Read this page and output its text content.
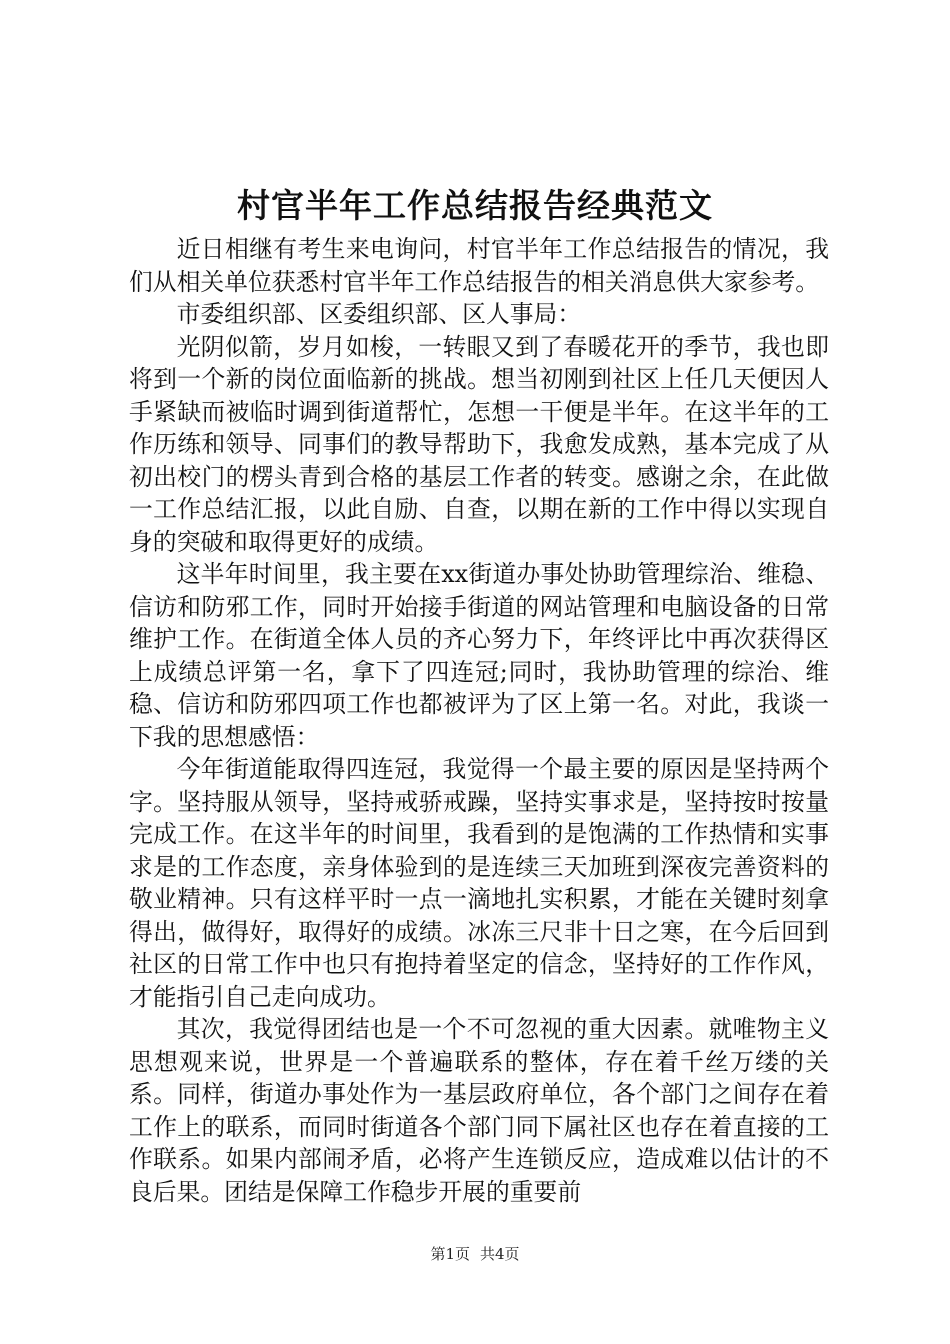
村官半年工作总结报告经典范文

近日相继有考生来电询问，村官半年工作总结报告的情况，我们从相关单位获悉村官半年工作总结报告的相关消息供大家参考。

市委组织部、区委组织部、区人事局：

光阴似箭，岁月如梭，一转眼又到了春暖花开的季节，我也即将到一个新的岗位面临新的挑战。想当初刚到社区上任几天便因人手紧缺而被临时调到街道帮忙，怎想一干便是半年。在这半年的工作历练和领导、同事们的教导帮助下，我愈发成熟，基本完成了从初出校门的楞头青到合格的基层工作者的转变。感谢之余，在此做一工作总结汇报，以此自励、自查，以期在新的工作中得以实现自身的突破和取得更好的成绩。

这半年时间里，我主要在xx街道办事处协助管理综治、维稳、信访和防邪工作，同时开始接手街道的网站管理和电脑设备的日常维护工作。在街道全体人员的齐心努力下，年终评比中再次获得区上成绩总评第一名，拿下了四连冠;同时，我协助管理的综治、维稳、信访和防邪四项工作也都被评为了区上第一名。对此，我谈一下我的思想感悟：

今年街道能取得四连冠，我觉得一个最主要的原因是坚持两个字。坚持服从领导，坚持戒骄戒躁，坚持实事求是，坚持按时按量完成工作。在这半年的时间里，我看到的是饱满的工作热情和实事求是的工作态度，亲身体验到的是连续三天加班到深夜完善资料的敬业精神。只有这样平时一点一滴地扎实积累，才能在关键时刻拿得出，做得好，取得好的成绩。冰冻三尺非十日之寒，在今后回到社区的日常工作中也只有抱持着坚定的信念，坚持好的工作作风，才能指引自己走向成功。

其次，我觉得团结也是一个不可忽视的重大因素。就唯物主义思想观来说，世界是一个普遍联系的整体，存在着千丝万缕的关系。同样，街道办事处作为一基层政府单位，各个部门之间存在着工作上的联系，而同时街道各个部门同下属社区也存在着直接的工作联系。如果内部闹矛盾，必将产生连锁反应，造成难以估计的不良后果。团结是保障工作稳步开展的重要前

第1页 共4页
